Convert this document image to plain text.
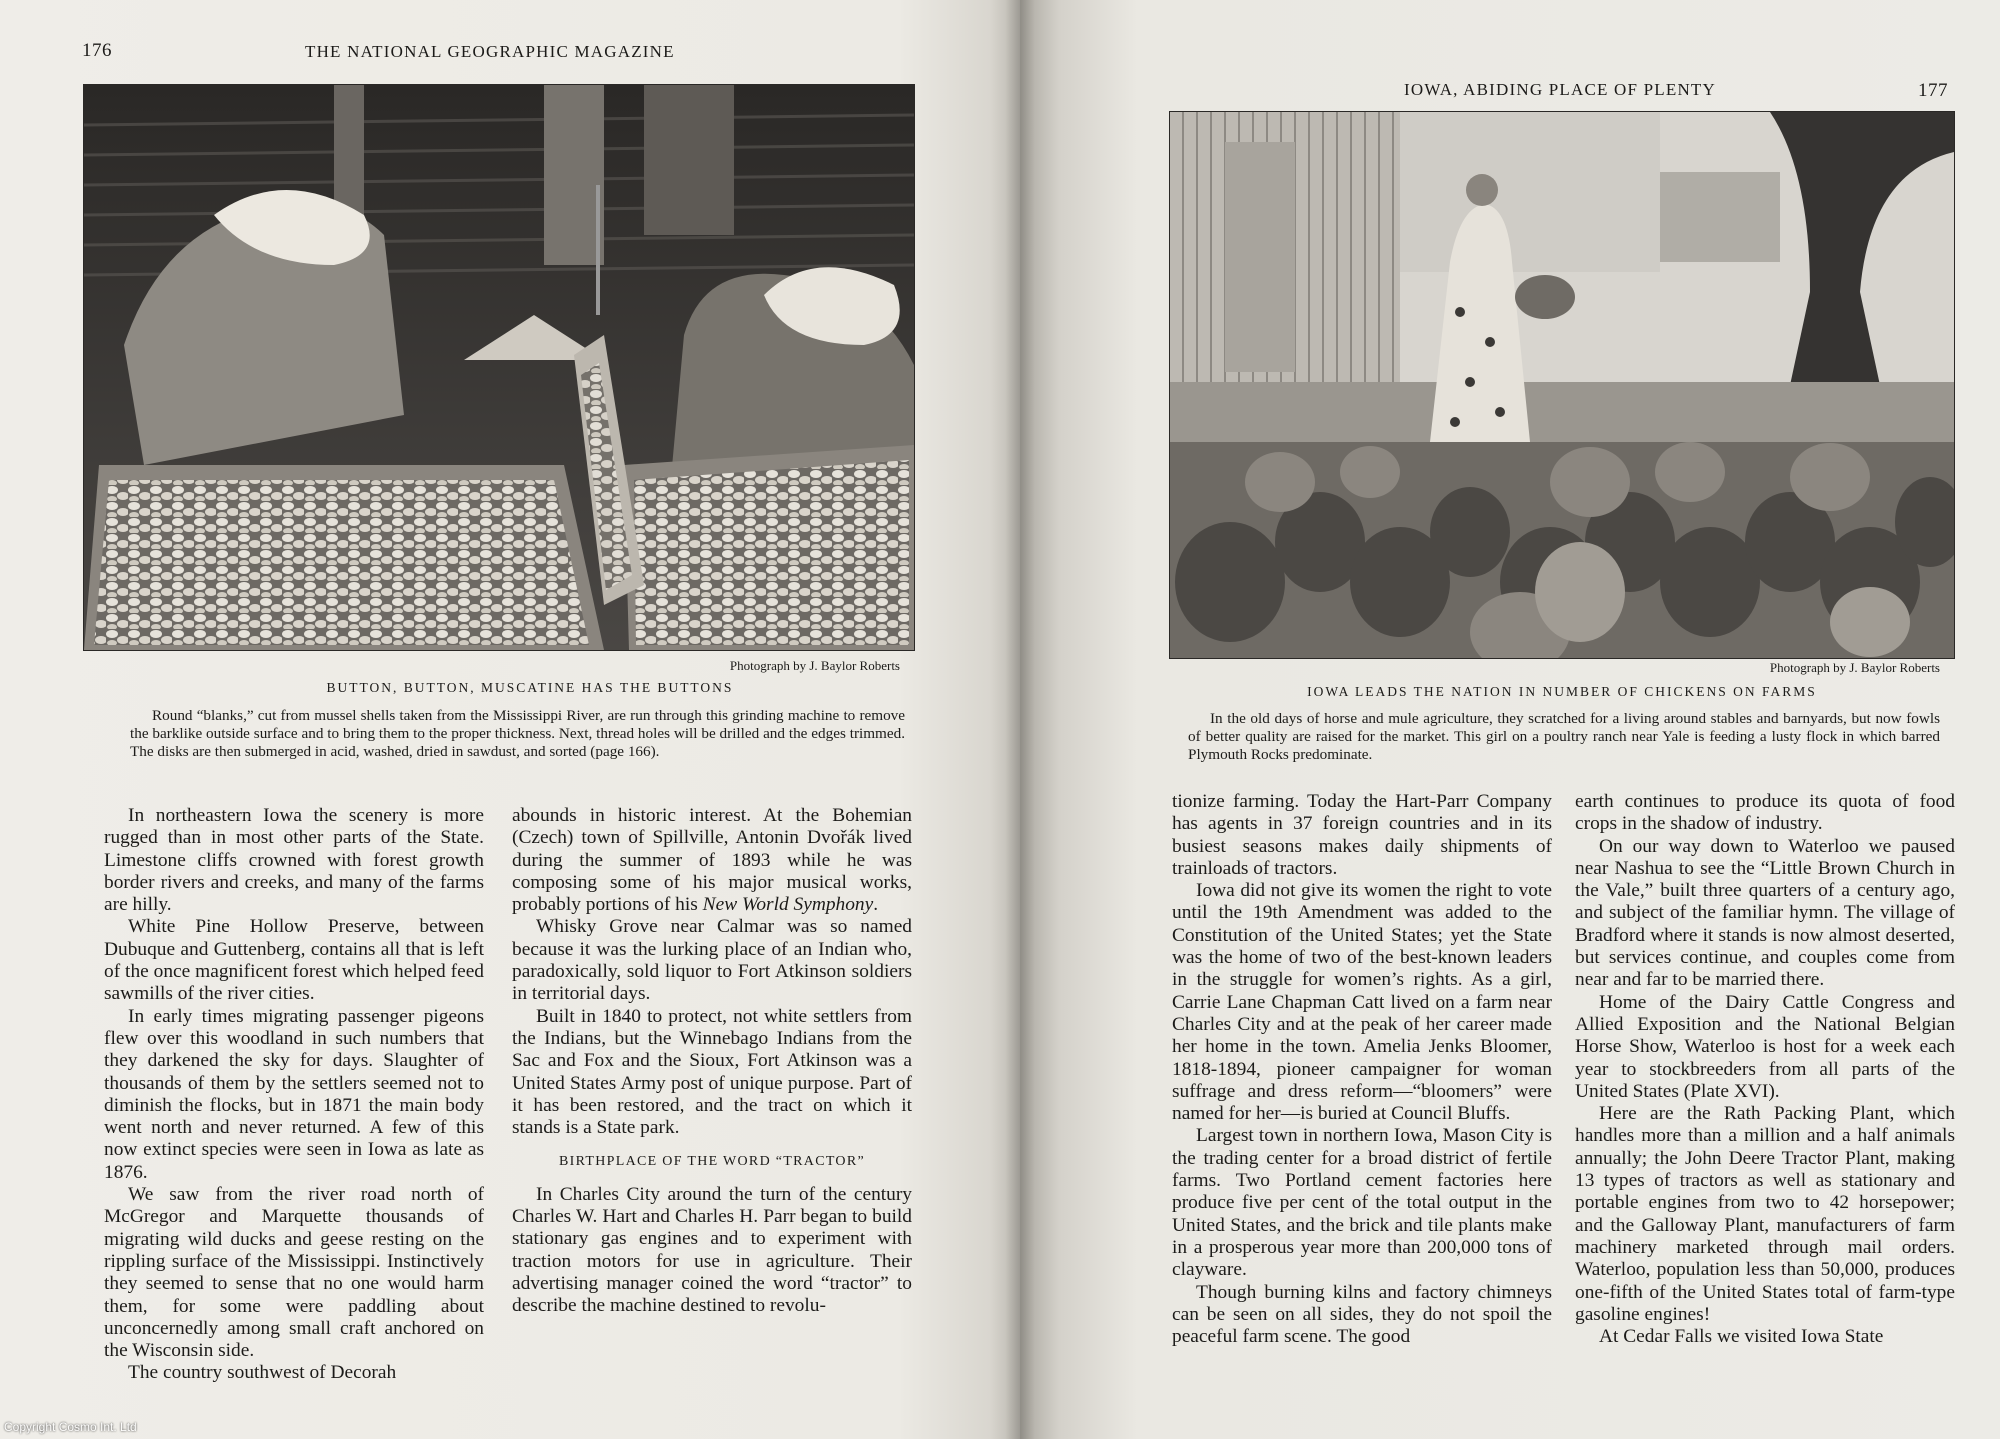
176	THE NATIONAL GEOGRAPHIC MAGAZINE
Photograph by J. Baylor Roberts
BUTTON, BUTTON, MUSCATINE HAS THE BUTTONS
Round “blanks,” cut from mussel shells taken from the Mississippi River, are run through this grinding machine to remove the barklike outside surface and to bring them to the proper thickness. Next, thread holes will be drilled and the edges trimmed. The disks are then submerged in acid, washed, dried in sawdust, and sorted (page 166).

In northeastern Iowa the scenery is more rugged than in most other parts of the State. Limestone cliffs crowned with forest growth border rivers and creeks, and many of the farms are hilly.

White Pine Hollow Preserve, between Dubuque and Guttenberg, contains all that is left of the once magnificent forest which helped feed sawmills of the river cities.

In early times migrating passenger pigeons flew over this woodland in such numbers that they darkened the sky for days. Slaughter of thousands of them by the settlers seemed not to diminish the flocks, but in 1871 the main body went north and never returned. A few of this now extinct species were seen in Iowa as late as 1876.

We saw from the river road north of McGregor and Marquette thousands of migrating wild ducks and geese resting on the rippling surface of the Mississippi. Instinctively they seemed to sense that no one would harm them, for some were paddling about unconcernedly among small craft anchored on the Wisconsin side.

The country southwest of Decorah

abounds in historic interest. At the Bohemian (Czech) town of Spillville, Antonin Dvořák lived during the summer of 1893 while he was composing some of his major musical works, probably portions of his New World Symphony.

Whisky Grove near Calmar was so named because it was the lurking place of an Indian who, paradoxically, sold liquor to Fort Atkinson soldiers in territorial days.

Built in 1840 to protect, not white settlers from the Indians, but the Winnebago Indians from the Sac and Fox and the Sioux, Fort Atkinson was a United States Army post of unique purpose. Part of it has been restored, and the tract on which it stands is a State park.

BIRTHPLACE OF THE WORD “TRACTOR”

In Charles City around the turn of the century Charles W. Hart and Charles H. Parr began to build stationary gas engines and to experiment with traction motors for use in agriculture. Their advertising manager coined the word “tractor” to describe the machine destined to revolu-

IOWA, ABIDING PLACE OF PLENTY	177
Photograph by J. Baylor Roberts
IOWA LEADS THE NATION IN NUMBER OF CHICKENS ON FARMS
In the old days of horse and mule agriculture, they scratched for a living around stables and barnyards, but now fowls of better quality are raised for the market. This girl on a poultry ranch near Yale is feeding a lusty flock in which barred Plymouth Rocks predominate.

tionize farming. Today the Hart-Parr Company has agents in 37 foreign countries and in its busiest seasons makes daily shipments of trainloads of tractors.

Iowa did not give its women the right to vote until the 19th Amendment was added to the Constitution of the United States; yet the State was the home of two of the best-known leaders in the struggle for women’s rights. As a girl, Carrie Lane Chapman Catt lived on a farm near Charles City and at the peak of her career made her home in the town. Amelia Jenks Bloomer, 1818-1894, pioneer campaigner for woman suffrage and dress reform—“bloomers” were named for her—is buried at Council Bluffs.

Largest town in northern Iowa, Mason City is the trading center for a broad district of fertile farms. Two Portland cement factories here produce five per cent of the total output in the United States, and the brick and tile plants make in a prosperous year more than 200,000 tons of clayware.

Though burning kilns and factory chimneys can be seen on all sides, they do not spoil the peaceful farm scene. The good

earth continues to produce its quota of food crops in the shadow of industry.

On our way down to Waterloo we paused near Nashua to see the “Little Brown Church in the Vale,” built three quarters of a century ago, and subject of the familiar hymn. The village of Bradford where it stands is now almost deserted, but services continue, and couples come from near and far to be married there.

Home of the Dairy Cattle Congress and Allied Exposition and the National Belgian Horse Show, Waterloo is host for a week each year to stockbreeders from all parts of the United States (Plate XVI).

Here are the Rath Packing Plant, which handles more than a million and a half animals annually; the John Deere Tractor Plant, making 13 types of tractors as well as stationary and portable engines from two to 42 horsepower; and the Galloway Plant, manufacturers of farm machinery marketed through mail orders. Waterloo, population less than 50,000, produces one-fifth of the United States total of farm-type gasoline engines!

At Cedar Falls we visited Iowa State

Copyright Cosmo Int. Ltd
